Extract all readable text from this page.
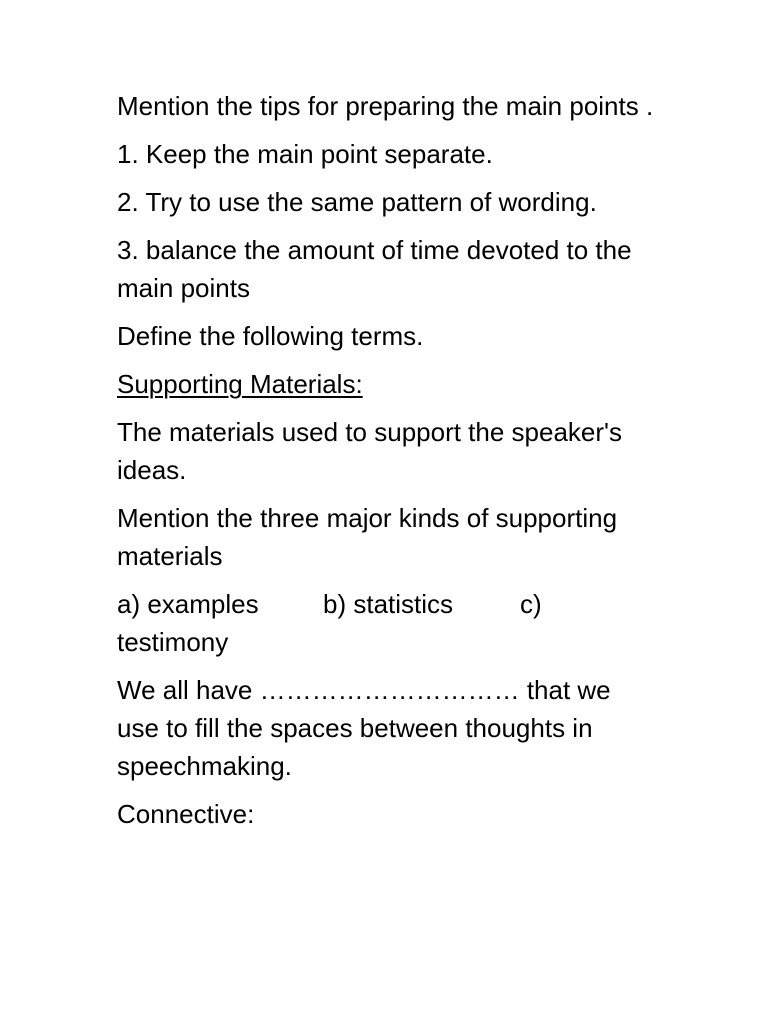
Mention the tips for preparing the main points .

1. Keep the main point separate.

2. Try to use the same pattern of wording.

3. balance the amount of time devoted to the main points

Define the following terms.

Supporting Materials:

The materials used to support the speaker's ideas.

Mention the three major kinds of supporting materials

a) examples b) statistics	c)
testimony

We all have ………………………… that we use to fill the spaces between thoughts in speechmaking.

Connective:
